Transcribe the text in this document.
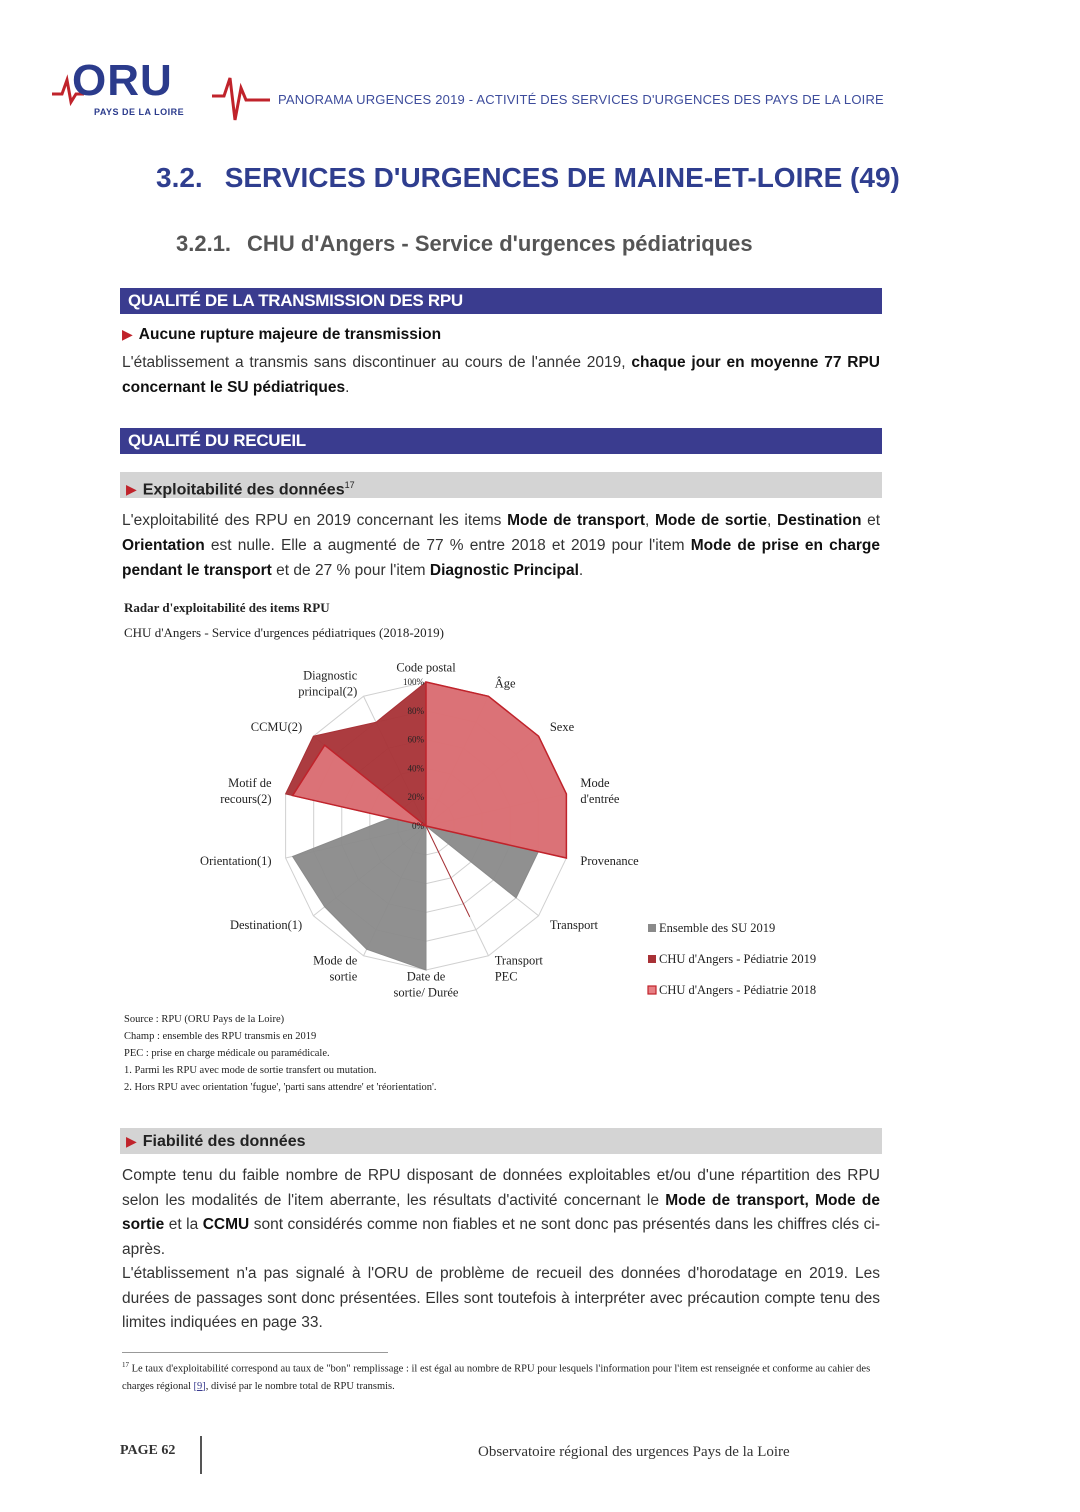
ORU
PAYS DE LA LOIRE
PANORAMA URGENCES 2019 - ACTIVITÉ DES SERVICES D'URGENCES DES PAYS DE LA LOIRE
3.2. SERVICES D'URGENCES DE MAINE-ET-LOIRE (49)
3.2.1. CHU d'Angers - Service d'urgences pédiatriques
QUALITÉ DE LA TRANSMISSION DES RPU
▶ Aucune rupture majeure de transmission
L'établissement a transmis sans discontinuer au cours de l'année 2019, chaque jour en moyenne 77 RPU concernant le SU pédiatriques.
QUALITÉ DU RECUEIL
▶ Exploitabilité des données$^{17}$
L'exploitabilité des RPU en 2019 concernant les items Mode de transport, Mode de sortie, Destination et Orientation est nulle. Elle a augmenté de 77 % entre 2018 et 2019 pour l'item Mode de prise en charge pendant le transport et de 27 % pour l'item Diagnostic Principal.
Radar d'exploitabilité des items RPU
CHU d'Angers - Service d'urgences pédiatriques (2018-2019)
0%
20%
40%
60%
80%
100%
Code postal
Âge
Sexe
Mode d'entrée
Provenance
Transport
Transport PEC
Date de sortie/ Durée
Mode de sortie
Destination(1)
Orientation(1)
Motif de recours(2)
CCMU(2)
Diagnostic principal(2)
Ensemble des SU 2019
CHU d'Angers - Pédiatrie 2019
CHU d'Angers - Pédiatrie 2018
Source : RPU (ORU Pays de la Loire)
Champ : ensemble des RPU transmis en 2019
PEC : prise en charge médicale ou paramédicale.
1. Parmi les RPU avec mode de sortie transfert ou mutation.
2. Hors RPU avec orientation 'fugue', 'parti sans attendre' et 'réorientation'.
▶ Fiabilité des données
Compte tenu du faible nombre de RPU disposant de données exploitables et/ou d'une répartition des RPU selon les modalités de l'item aberrante, les résultats d'activité concernant le Mode de transport, Mode de sortie et la CCMU sont considérés comme non fiables et ne sont donc pas présentés dans les chiffres clés ci-après.
L'établissement n'a pas signalé à l'ORU de problème de recueil des données d'horodatage en 2019. Les durées de passages sont donc présentées. Elles sont toutefois à interpréter avec précaution compte tenu des limites indiquées en page 33.
$^{17}$ Le taux d'exploitabilité correspond au taux de "bon" remplissage : il est égal au nombre de RPU pour lesquels l'information pour l'item est renseignée et conforme au cahier des charges régional [9], divisé par le nombre total de RPU transmis.
PAGE 62	Observatoire régional des urgences Pays de la Loire
